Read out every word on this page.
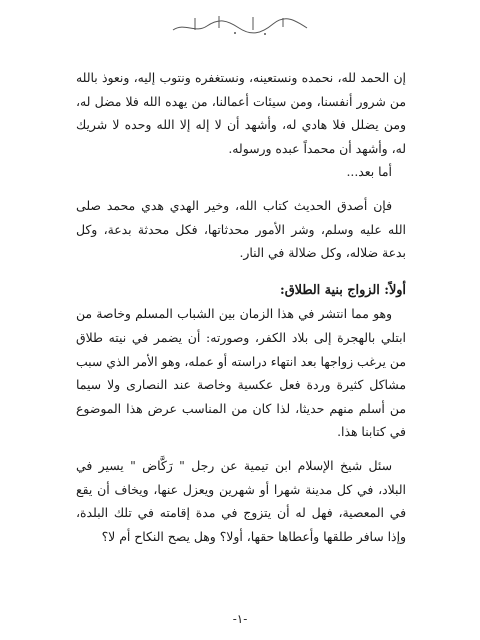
إن الحمد لله، نحمده ونستعينه، ونستغفره ونتوب إليه، ونعوذ بالله من شرور أنفسنا، ومن سيئات أعمالنا، من يهده الله فلا مضل له، ومن يضلل فلا هادي له، وأشهد أن لا إله إلا الله وحده لا شريك له، وأشهد أن محمداً عبده ورسوله.

أما بعد...

فإن أصدق الحديث كتاب الله، وخير الهدي هدي محمد صلى الله عليه وسلم، وشر الأمور محدثاتها، فكل محدثة بدعة، وكل بدعة ضلاله، وكل ضلالة في النار.

أولاً: الزواج بنية الطلاق:

وهو مما انتشر في هذا الزمان بين الشباب المسلم وخاصة من ابتلي بالهجرة إلى بلاد الكفر، وصورته: أن يضمر في نيته طلاق من يرغب زواجها بعد انتهاء دراسته أو عمله، وهو الأمر الذي سبب مشاكل كثيرة وردة فعل عكسية وخاصة عند النصارى ولا سيما من أسلم منهم حديثا، لذا كان من المناسب عرض هذا الموضوع في كتابنا هذا.

سئل شيخ الإسلام ابن تيمية عن رجل " رَكَّاض " يسير في البلاد، في كل مدينة شهرا أو شهرين ويعزل عنها، ويخاف أن يقع في المعصية، فهل له أن يتزوج في مدة إقامته في تلك البلدة، وإذا سافر طلقها وأعطاها حقها، أولا؟ وهل يصح النكاح أم لا؟

-١-
